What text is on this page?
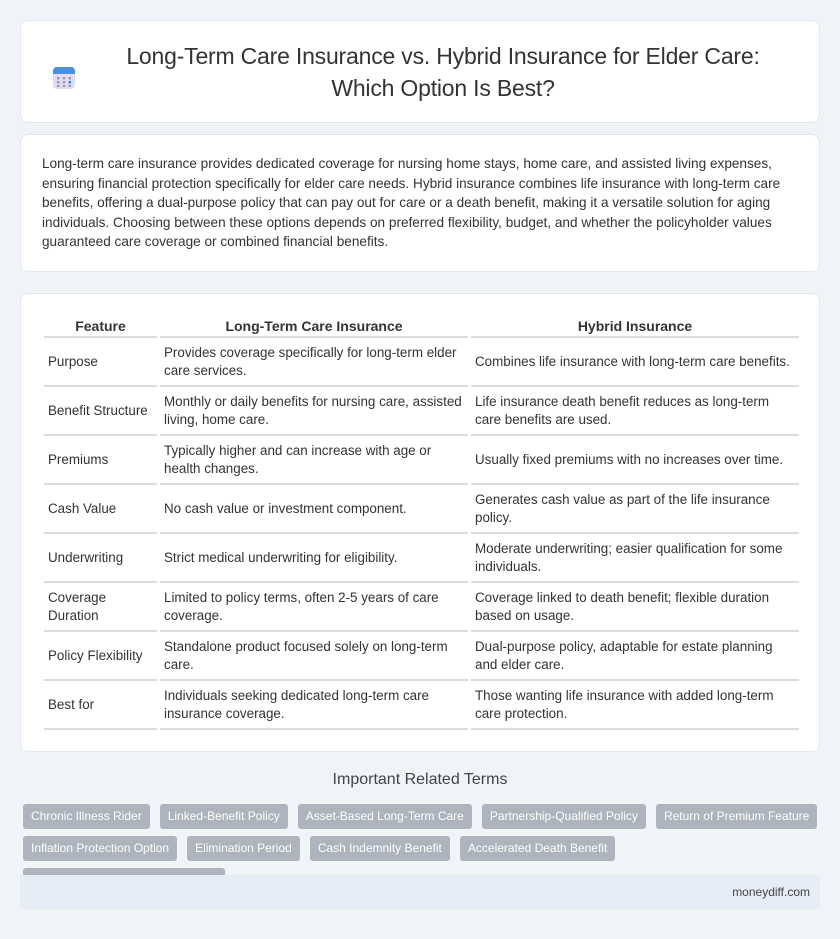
Long-Term Care Insurance vs. Hybrid Insurance for Elder Care: Which Option Is Best?

Long-term care insurance provides dedicated coverage for nursing home stays, home care, and assisted living expenses, ensuring financial protection specifically for elder care needs. Hybrid insurance combines life insurance with long-term care benefits, offering a dual-purpose policy that can pay out for care or a death benefit, making it a versatile solution for aging individuals. Choosing between these options depends on preferred flexibility, budget, and whether the policyholder values guaranteed care coverage or combined financial benefits.

Feature	Long-Term Care Insurance	Hybrid Insurance
Purpose	Provides coverage specifically for long-term elder care services.	Combines life insurance with long-term care benefits.
Benefit Structure	Monthly or daily benefits for nursing care, assisted living, home care.	Life insurance death benefit reduces as long-term care benefits are used.
Premiums	Typically higher and can increase with age or health changes.	Usually fixed premiums with no increases over time.
Cash Value	No cash value or investment component.	Generates cash value as part of the life insurance policy.
Underwriting	Strict medical underwriting for eligibility.	Moderate underwriting; easier qualification for some individuals.
Coverage Duration	Limited to policy terms, often 2-5 years of care coverage.	Coverage linked to death benefit; flexible duration based on usage.
Policy Flexibility	Standalone product focused solely on long-term care.	Dual-purpose policy, adaptable for estate planning and elder care.
Best for	Individuals seeking dedicated long-term care insurance coverage.	Those wanting life insurance with added long-term care protection.
Important Related Terms
Chronic Illness Rider	Linked-Benefit Policy	Asset-Based Long-Term Care	Partnership-Qualified Policy	Return of Premium Feature
Inflation Protection Option	Elimination Period	Cash Indemnity Benefit	Accelerated Death Benefit
moneydiff.com
